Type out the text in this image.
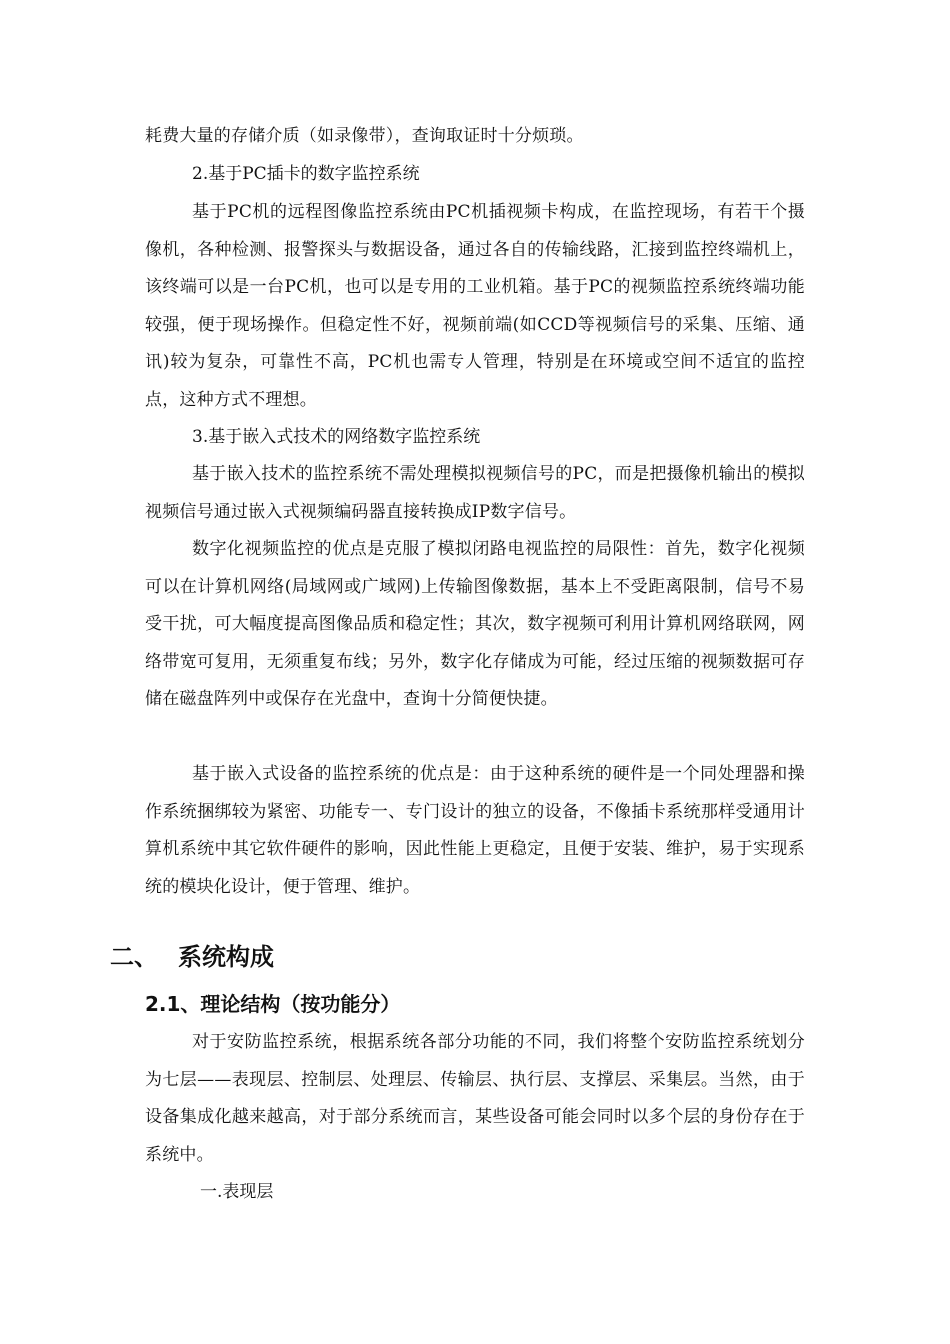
耗费大量的存储介质（如录像带），查询取证时十分烦琐。

2.基于PC插卡的数字监控系统

基于PC机的远程图像监控系统由PC机插视频卡构成，在监控现场，有若干个摄像机，各种检测、报警探头与数据设备，通过各自的传输线路，汇接到监控终端机上，该终端可以是一台PC机，也可以是专用的工业机箱。基于PC的视频监控系统终端功能较强，便于现场操作。但稳定性不好，视频前端(如CCD等视频信号的采集、压缩、通讯)较为复杂，可靠性不高，PC机也需专人管理，特别是在环境或空间不适宜的监控点，这种方式不理想。

3.基于嵌入式技术的网络数字监控系统

基于嵌入技术的监控系统不需处理模拟视频信号的PC，而是把摄像机输出的模拟视频信号通过嵌入式视频编码器直接转换成IP数字信号。

数字化视频监控的优点是克服了模拟闭路电视监控的局限性：首先，数字化视频可以在计算机网络(局域网或广域网)上传输图像数据，基本上不受距离限制，信号不易受干扰，可大幅度提高图像品质和稳定性；其次，数字视频可利用计算机网络联网，网络带宽可复用，无须重复布线；另外，数字化存储成为可能，经过压缩的视频数据可存储在磁盘阵列中或保存在光盘中，查询十分简便快捷。

基于嵌入式设备的监控系统的优点是：由于这种系统的硬件是一个同处理器和操作系统捆绑较为紧密、功能专一、专门设计的独立的设备，不像插卡系统那样受通用计算机系统中其它软件硬件的影响，因此性能上更稳定，且便于安装、维护，易于实现系统的模块化设计，便于管理、维护。

二、 系统构成
2.1、理论结构（按功能分）

对于安防监控系统，根据系统各部分功能的不同，我们将整个安防监控系统划分为七层——表现层、控制层、处理层、传输层、执行层、支撑层、采集层。当然，由于设备集成化越来越高，对于部分系统而言，某些设备可能会同时以多个层的身份存在于系统中。

一.表现层
